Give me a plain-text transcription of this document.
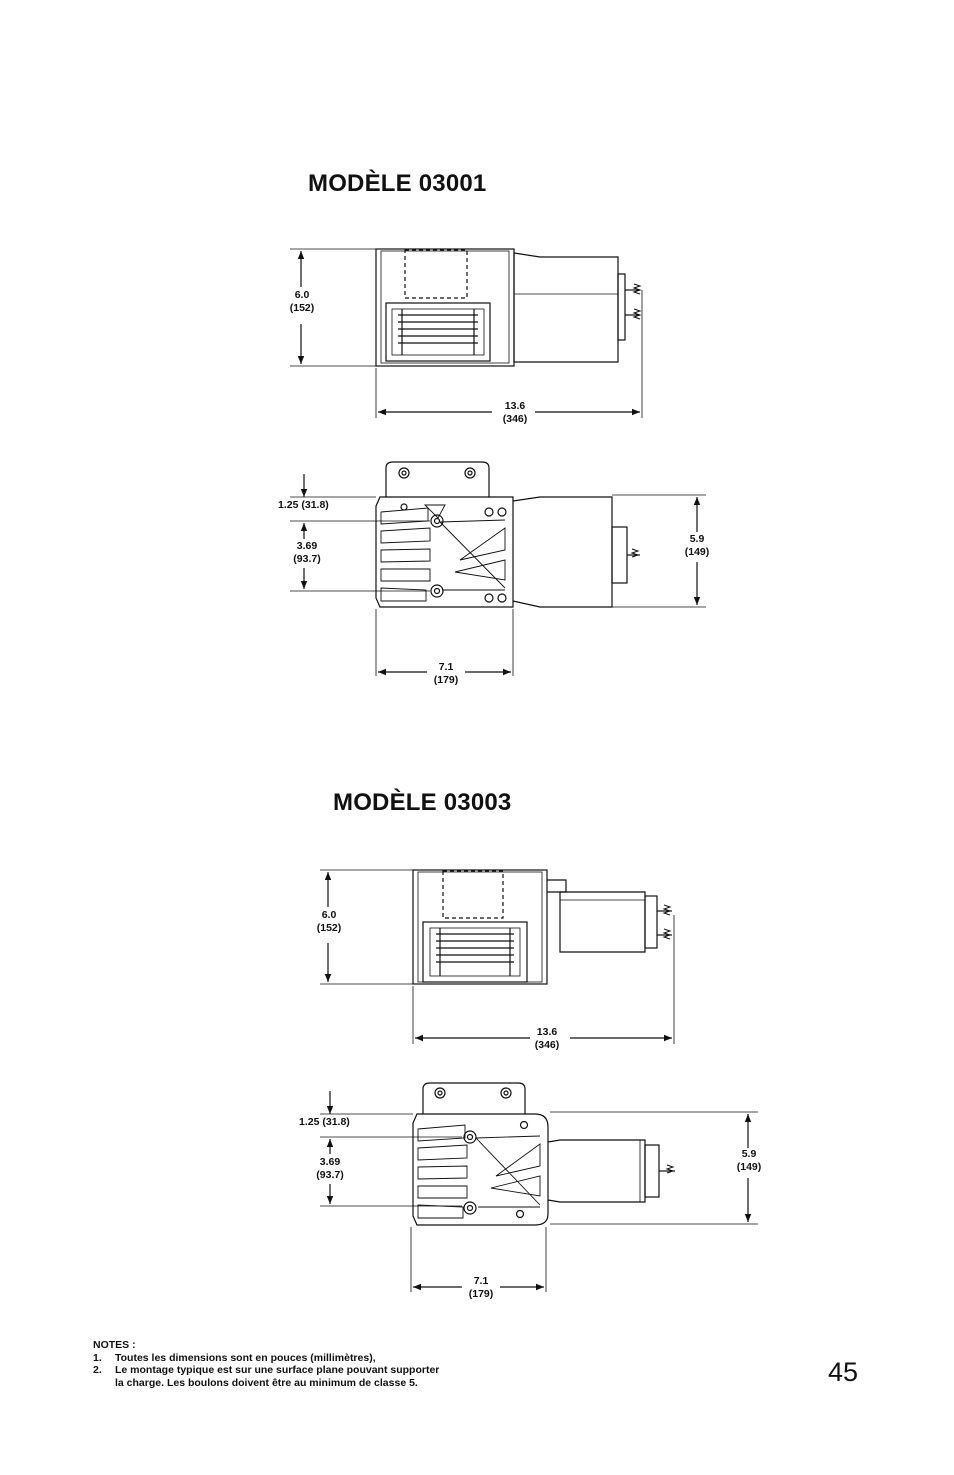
MODÈLE 03001
MODÈLE 03003
6.0
(152)
13.6
(346)
1.25 (31.8)
3.69
(93.7)
5.9
(149)
7.1
(179)
6.0
(152)
13.6
(346)
1.25 (31.8)
3.69
(93.7)
5.9
(149)
7.1
(179)
NOTES :
1.	Toutes les dimensions sont en pouces (millimètres),
2.	Le montage typique est sur une surface plane pouvant supporter
la charge. Les boulons doivent être au minimum de classe 5.	45
